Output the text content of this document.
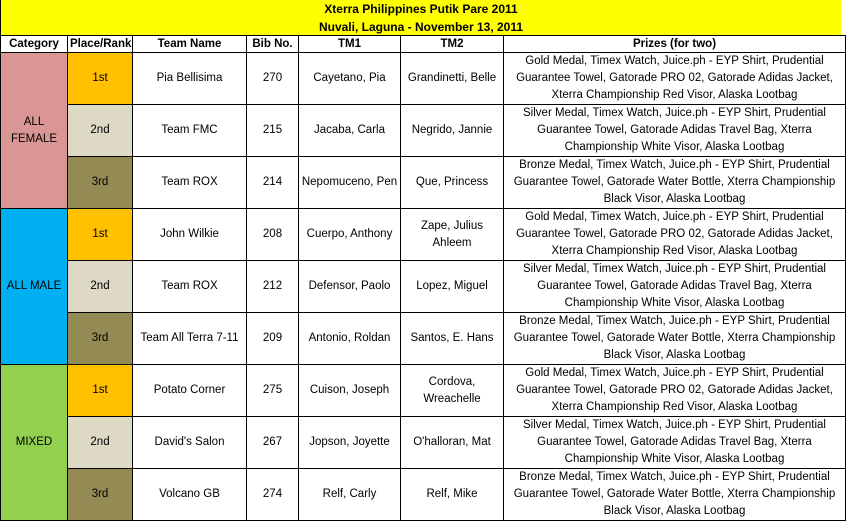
Xterra Philippines Putik Pare 2011
Nuvali, Laguna - November 13, 2011
Category	Place/Rank	Team Name	Bib No.	TM1	TM2	Prizes (for two)
ALL FEMALE	1st	Pia Bellisima	270	Cayetano, Pia	Grandinetti, Belle	Gold Medal, Timex Watch, Juice.ph - EYP Shirt, Prudential Guarantee Towel, Gatorade PRO 02, Gatorade Adidas Jacket, Xterra Championship Red Visor, Alaska Lootbag
	2nd	Team FMC	215	Jacaba, Carla	Negrido, Jannie	Silver Medal, Timex Watch, Juice.ph - EYP Shirt, Prudential Guarantee Towel, Gatorade Adidas Travel Bag, Xterra Championship White Visor, Alaska Lootbag
	3rd	Team ROX	214	Nepomuceno, Pen	Que, Princess	Bronze Medal, Timex Watch, Juice.ph - EYP Shirt, Prudential Guarantee Towel, Gatorade Water Bottle, Xterra Championship Black Visor, Alaska Lootbag
ALL MALE	1st	John Wilkie	208	Cuerpo, Anthony	Zape, Julius Ahleem	Gold Medal, Timex Watch, Juice.ph - EYP Shirt, Prudential Guarantee Towel, Gatorade PRO 02, Gatorade Adidas Jacket, Xterra Championship Red Visor, Alaska Lootbag
	2nd	Team ROX	212	Defensor, Paolo	Lopez, Miguel	Silver Medal, Timex Watch, Juice.ph - EYP Shirt, Prudential Guarantee Towel, Gatorade Adidas Travel Bag, Xterra Championship White Visor, Alaska Lootbag
	3rd	Team All Terra 7-11	209	Antonio, Roldan	Santos, E. Hans	Bronze Medal, Timex Watch, Juice.ph - EYP Shirt, Prudential Guarantee Towel, Gatorade Water Bottle, Xterra Championship Black Visor, Alaska Lootbag
MIXED	1st	Potato Corner	275	Cuison, Joseph	Cordova, Wreachelle	Gold Medal, Timex Watch, Juice.ph - EYP Shirt, Prudential Guarantee Towel, Gatorade PRO 02, Gatorade Adidas Jacket, Xterra Championship Red Visor, Alaska Lootbag
	2nd	David's Salon	267	Jopson, Joyette	O'halloran, Mat	Silver Medal, Timex Watch, Juice.ph - EYP Shirt, Prudential Guarantee Towel, Gatorade Adidas Travel Bag, Xterra Championship White Visor, Alaska Lootbag
	3rd	Volcano GB	274	Relf, Carly	Relf, Mike	Bronze Medal, Timex Watch, Juice.ph - EYP Shirt, Prudential Guarantee Towel, Gatorade Water Bottle, Xterra Championship Black Visor, Alaska Lootbag
